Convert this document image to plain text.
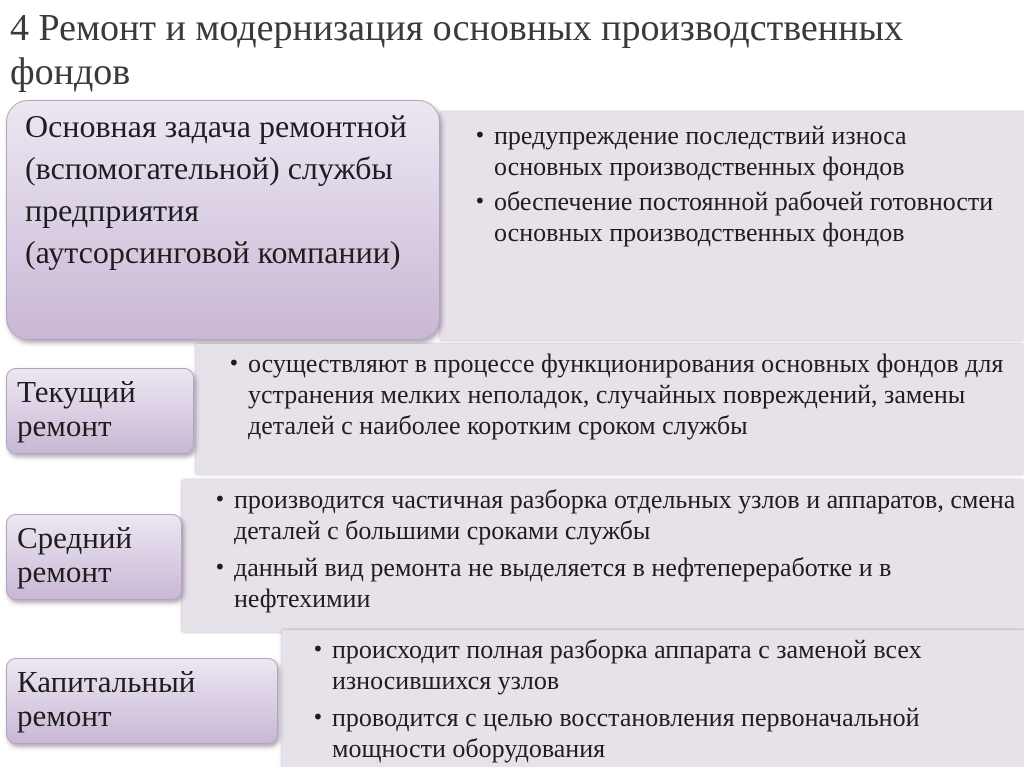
4 Ремонт и модернизация основных производственных фондов
• предупреждение последствий износа основных производственных фондов
• обеспечение постоянной рабочей готовности основных производственных фондов
Основная задача ремонтной (вспомогательной) службы предприятия (аутсорсинговой компании)
• осуществляют в процессе функционирования основных фондов для устранения мелких неполадок, случайных повреждений, замены деталей с наиболее коротким сроком службы
Текущий ремонт
• производится частичная разборка отдельных узлов и аппаратов, смена деталей с большими сроками службы
• данный вид ремонта не выделяется в нефтепереработке и в нефтехимии
Средний ремонт
• происходит полная разборка аппарата с заменой всех износившихся узлов
• проводится с целью восстановления первоначальной мощности оборудования
Капитальный ремонт
